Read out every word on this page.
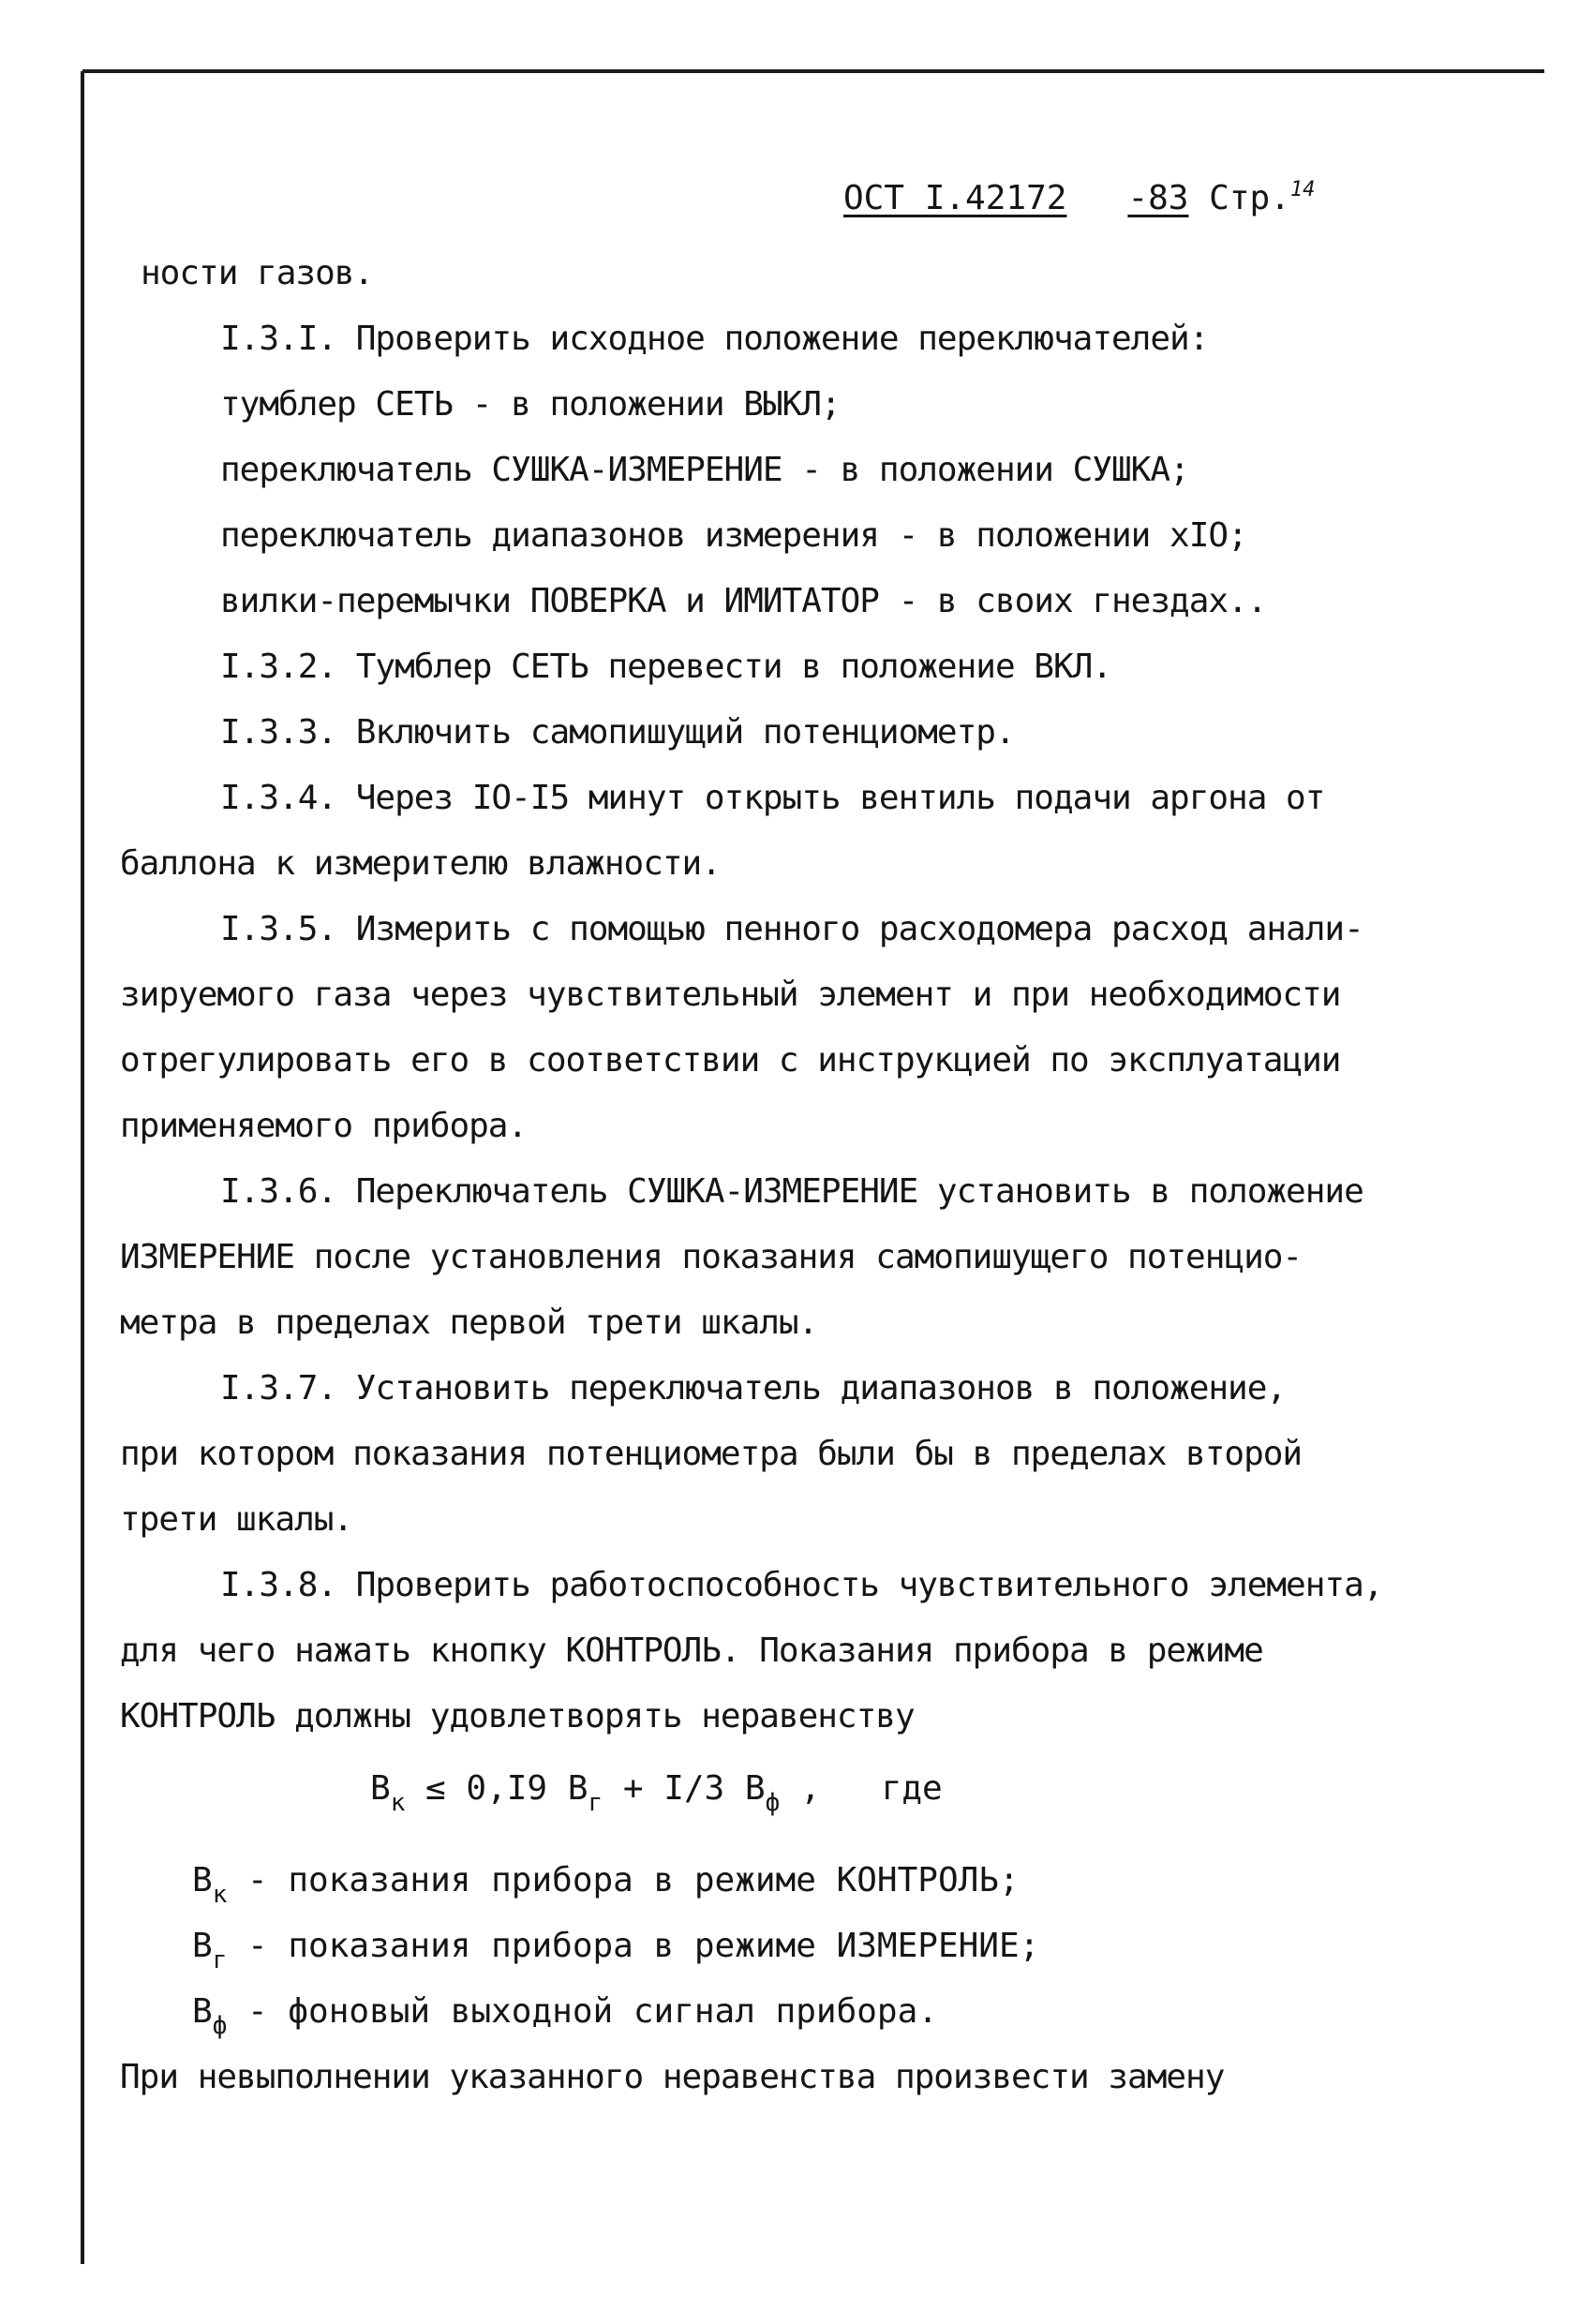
ОСТ I.42172 -83 Стр.$^{14}$
ности газов.
I.3.I. Проверить исходное положение переключателей:
тумблер СЕТЬ - в положении ВЫКЛ;
переключатель СУШКА-ИЗМЕРЕНИЕ - в положении СУШКА;
переключатель диапазонов измерения - в положении xIO;
вилки-перемычки ПОВЕРКА и ИМИТАТОР - в своих гнездах..
I.3.2. Тумблер СЕТЬ перевести в положение ВКЛ.
I.3.3. Включить самопишущий потенциометр.
I.3.4. Через IO-I5 минут открыть вентиль подачи аргона от
баллона к измерителю влажности.
I.3.5. Измерить с помощью пенного расходомера расход анали-
зируемого газа через чувствительный элемент и при необходимости
отрегулировать его в соответствии с инструкцией по эксплуатации
применяемого прибора.
I.3.6. Переключатель СУШКА-ИЗМЕРЕНИЕ установить в положение
ИЗМЕРЕНИЕ после установления показания самопишущего потенцио-
метра в пределах первой трети шкалы.
I.3.7. Установить переключатель диапазонов в положение,
при котором показания потенциометра были бы в пределах второй
трети шкалы.
I.3.8. Проверить работоспособность чувствительного элемента,
для чего нажать кнопку КОНТРОЛЬ. Показания прибора в режиме
КОНТРОЛЬ должны удовлетворять неравенству
$В_к \le 0,I9$ $В_г + I/3$ $В_ф$ , где
$В_к$ - показания прибора в режиме КОНТРОЛЬ;
$В_г$ - показания прибора в режиме ИЗМЕРЕНИЕ;
$В_ф$ - фоновый выходной сигнал прибора.
При невыполнении указанного неравенства произвести замену
